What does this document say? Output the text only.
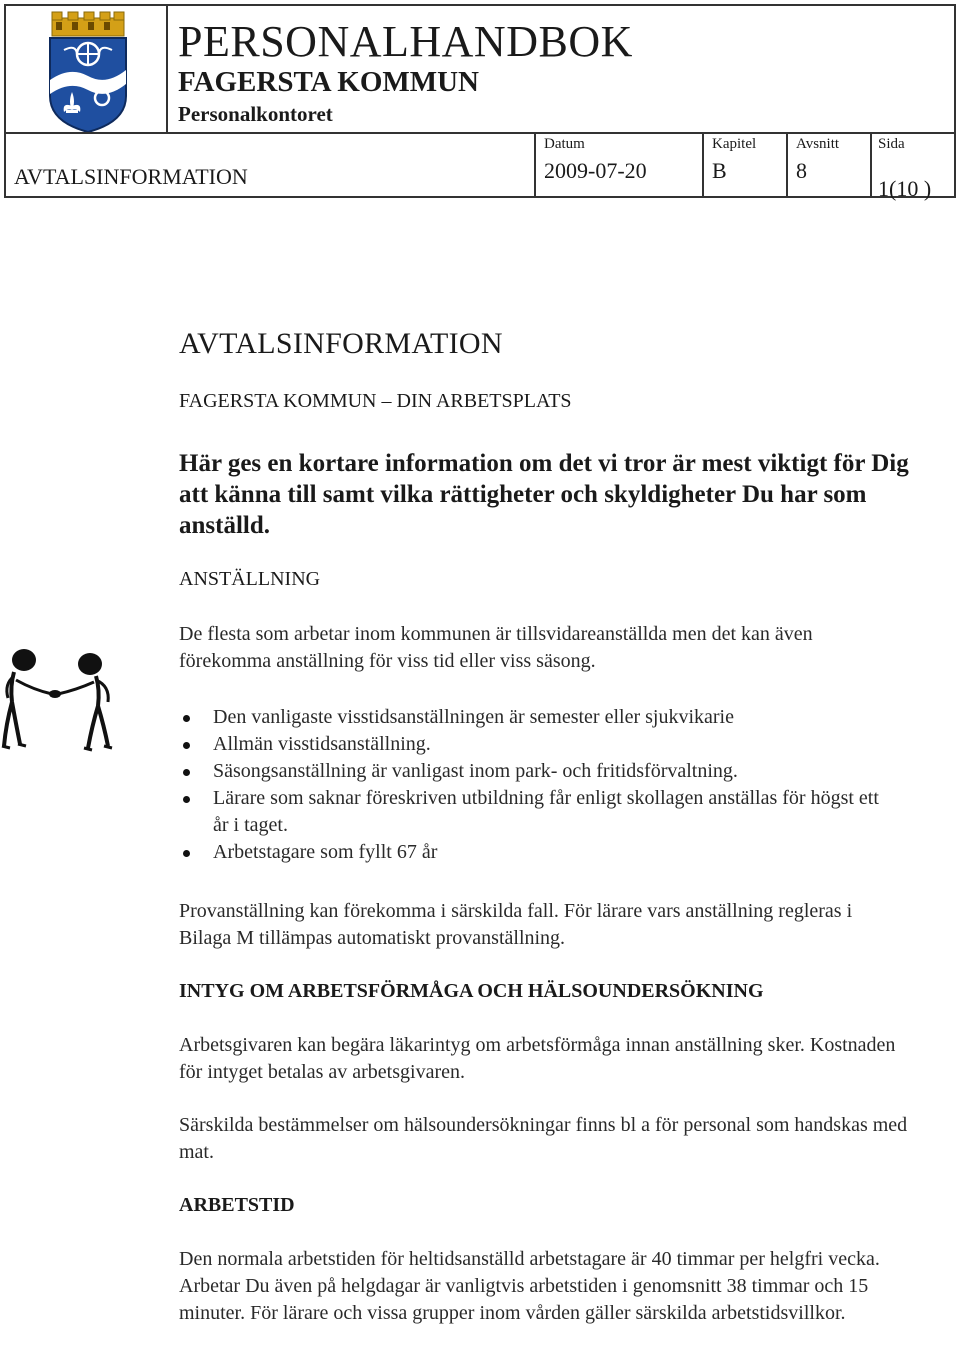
PERSONALHANDBOK
FAGERSTA KOMMUN
Personalkontoret
AVTALSINFORMATION
Datum
2009-07-20
Kapitel
B
Avsnitt
8
Sida
1(10 )
AVTALSINFORMATION
FAGERSTA KOMMUN – DIN ARBETSPLATS
Här ges en kortare information om det vi tror är mest viktigt för Dig att känna till samt vilka rättigheter och skyldigheter Du har som anställd.
ANSTÄLLNING
De flesta som arbetar inom kommunen är tillsvidareanställda men det kan även förekomma anställning för viss tid eller viss säsong.
Den vanligaste visstidsanställningen är semester eller sjukvikarie
Allmän visstidsanställning.
Säsongsanställning är vanligast inom park- och fritidsförvaltning.
Lärare som saknar föreskriven utbildning får enligt skollagen anställas för högst ett år i taget.
Arbetstagare som fyllt 67 år
Provanställning kan förekomma i särskilda fall. För lärare vars anställning regleras i Bilaga M tillämpas automatiskt provanställning.
INTYG OM ARBETSFÖRMÅGA OCH HÄLSOUNDERSÖKNING
Arbetsgivaren kan begära läkarintyg om arbetsförmåga innan anställning sker. Kostnaden för intyget betalas av arbetsgivaren.
Särskilda bestämmelser om hälsoundersökningar finns bl a för personal som handskas med mat.
ARBETSTID
Den normala arbetstiden för heltidsanställd arbetstagare är 40 timmar per helgfri vecka. Arbetar Du även på helgdagar är vanligtvis arbetstiden i genomsnitt 38 timmar och 15 minuter. För lärare och vissa grupper inom vården gäller särskilda arbetstidsvillkor.
